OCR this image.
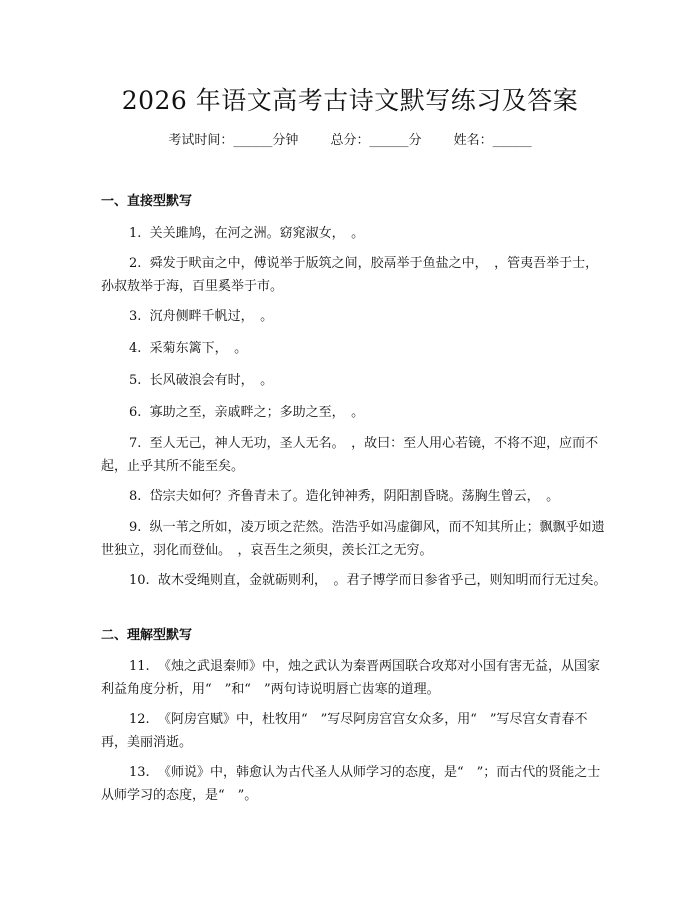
2026 年语文高考古诗文默写练习及答案
考试时间：______分钟 总分：______分 姓名：______
一、直接型默写
1. 关关雎鸠，在河之洲。窈窕淑女，　。
2. 舜发于畎亩之中，傅说举于版筑之间，胶鬲举于鱼盐之中，　，管夷吾举于士，孙叔敖举于海，百里奚举于市。
3. 沉舟侧畔千帆过，　。
4. 采菊东篱下，　。
5. 长风破浪会有时，　。
6. 寡助之至，亲戚畔之；多助之至，　。
7. 至人无己，神人无功，圣人无名。　，故曰：至人用心若镜，不将不迎，应而不起，止乎其所不能至矣。
8. 岱宗夫如何？齐鲁青未了。造化钟神秀，阴阳割昏晓。荡胸生曾云，　。
9. 纵一苇之所如，凌万顷之茫然。浩浩乎如冯虚御风，而不知其所止；飘飘乎如遗世独立，羽化而登仙。　，哀吾生之须臾，羡长江之无穷。
10. 故木受绳则直，金就砺则利，　。君子博学而日参省乎己，则知明而行无过矣。
二、理解型默写
11. 《烛之武退秦师》中，烛之武认为秦晋两国联合攻郑对小国有害无益，从国家利益角度分析，用“　”和“　”两句诗说明唇亡齿寒的道理。
12. 《阿房宫赋》中，杜牧用“　”写尽阿房宫宫女众多，用“　”写尽宫女青春不再，美丽消逝。
13. 《师说》中，韩愈认为古代圣人从师学习的态度，是“　”；而古代的贤能之士从师学习的态度，是“　”。
